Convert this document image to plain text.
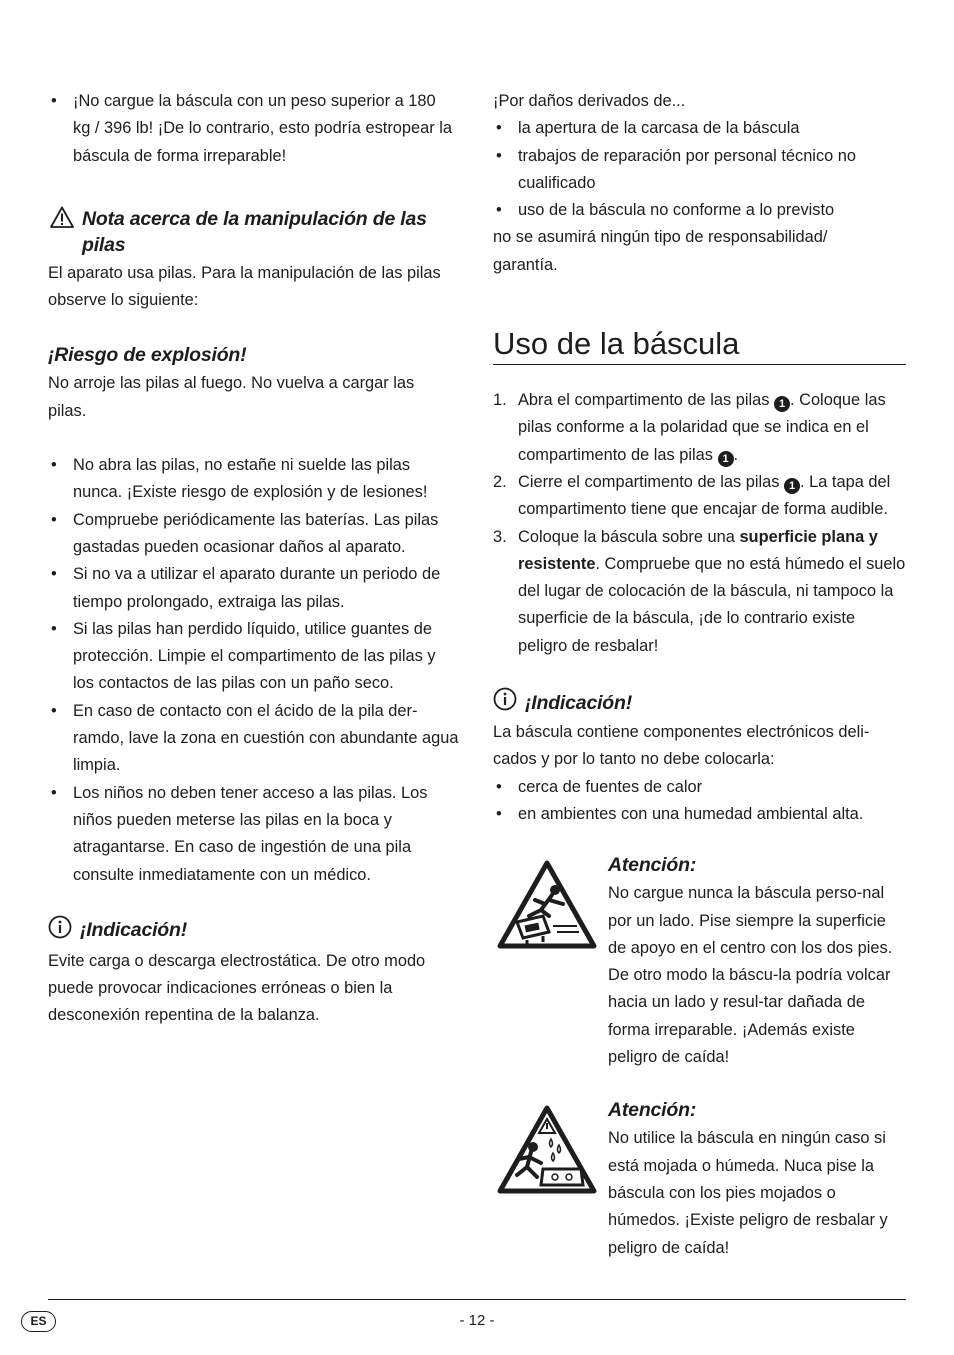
• ¡No cargue la báscula con un peso superior a 180 kg / 396 lb! ¡De lo contrario, esto podría estropear la báscula de forma irreparable!
Nota acerca de la manipulación de las pilas

El aparato usa pilas. Para la manipulación de las pilas observe lo siguiente:

¡Riesgo de explosión!

No arroje las pilas al fuego. No vuelva a cargar las pilas.

• No abra las pilas, no estañe ni suelde las pilas nunca. ¡Existe riesgo de explosión y de lesiones!
• Compruebe periódicamente las baterías. Las pilas gastadas pueden ocasionar daños al aparato.
• Si no va a utilizar el aparato durante un periodo de tiempo prolongado, extraiga las pilas.
• Si las pilas han perdido líquido, utilice guantes de protección. Limpie el compartimento de las pilas y los contactos de las pilas con un paño seco.
• En caso de contacto con el ácido de la pila der-ramdo, lave la zona en cuestión con abundante agua limpia.
• Los niños no deben tener acceso a las pilas. Los niños pueden meterse las pilas en la boca y atragantarse. En caso de ingestión de una pila consulte inmediatamente con un médico.
¡Indicación!

Evite carga o descarga electrostática. De otro modo puede provocar indicaciones erróneas o bien la desconexión repentina de la balanza.

¡Por daños derivados de...

• la apertura de la carcasa de la báscula
• trabajos de reparación por personal técnico no cualificado
• uso de la báscula no conforme a lo previsto

no se asumirá ningún tipo de responsabilidad/ garantía.

Uso de la báscula
1. Abra el compartimento de las pilas 1 . Coloque las pilas conforme a la polaridad que se indica en el compartimento de las pilas 1 .
2. Cierre el compartimento de las pilas 1 . La tapa del compartimento tiene que encajar de forma audible.
3. Coloque la báscula sobre una superficie plana y resistente. Compruebe que no está húmedo el suelo del lugar de colocación de la báscula, ni tampoco la superficie de la báscula, ¡de lo contrario existe peligro de resbalar!
¡Indicación!

La báscula contiene componentes electrónicos deli-cados y por lo tanto no debe colocarla:

• cerca de fuentes de calor
• en ambientes con una humedad ambiental alta.
Atención:

No cargue nunca la báscula perso-nal por un lado. Pise siempre la superficie de apoyo en el centro con los dos pies. De otro modo la báscu-la podría volcar hacia un lado y resul-tar dañada de forma irreparable. ¡Además existe peligro de caída!

Atención:

No utilice la báscula en ningún caso si está mojada o húmeda. Nuca pise la báscula con los pies mojados o húmedos. ¡Existe peligro de resbalar y peligro de caída!

ES	- 12 -
